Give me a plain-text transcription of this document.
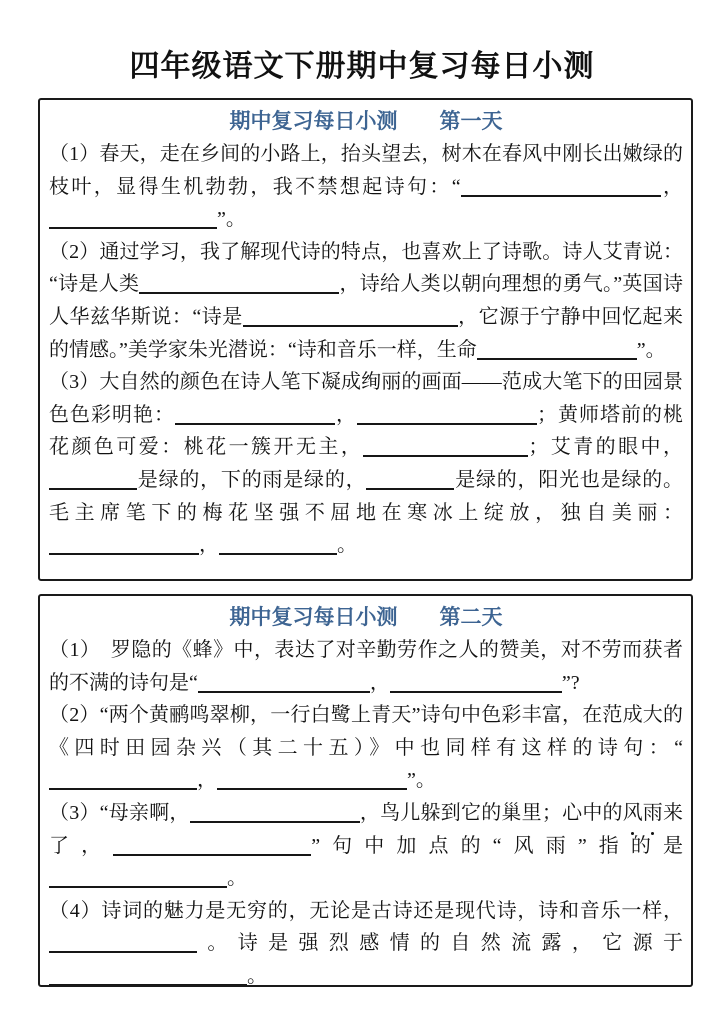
四年级语文下册期中复习每日小测
期中复习每日小测　　第一天

（1）春天，走在乡间的小路上，抬头望去，树木在春风中刚长出嫩绿的枝叶，显得生机勃勃，我不禁想起诗句：“	，”。

（2）通过学习，我了解现代诗的特点，也喜欢上了诗歌。诗人艾青说：“诗是人类	，诗给人类以朝向理想的勇气。”英国诗人华兹华斯说：“诗是	，它源于宁静中回忆起来的情感。”美学家朱光潜说：“诗和音乐一样，生命	”。

（3）大自然的颜色在诗人笔下凝成绚丽的画面——范成大笔下的田园景色色彩明艳：	，	；黄师塔前的桃花颜色可爱：桃花一簇开无主，	；艾青的眼中，是绿的，下的雨是绿的，	是绿的，阳光也是绿的。毛主席笔下的梅花坚强不屈地在寒冰上绽放，独自美丽：，	。

期中复习每日小测　　第二天

（1）　罗隐的《蜂》中，表达了对辛勤劳作之人的赞美，对不劳而获者的不满的诗句是“	，	”?

（2）“两个黄鹂鸣翠柳，一行白鹭上青天”诗句中色彩丰富，在范成大的《四时田园杂兴（其二十五）》中也同样有这样的诗句：“，	”。

（3）“母亲啊，	，鸟儿躲到它的巢里；心中的风雨来了，	”句中加点的“风雨”指的是。

（4）诗词的魅力是无穷的，无论是古诗还是现代诗，诗和音乐一样，。诗是强烈感情的自然流露，它源于。
